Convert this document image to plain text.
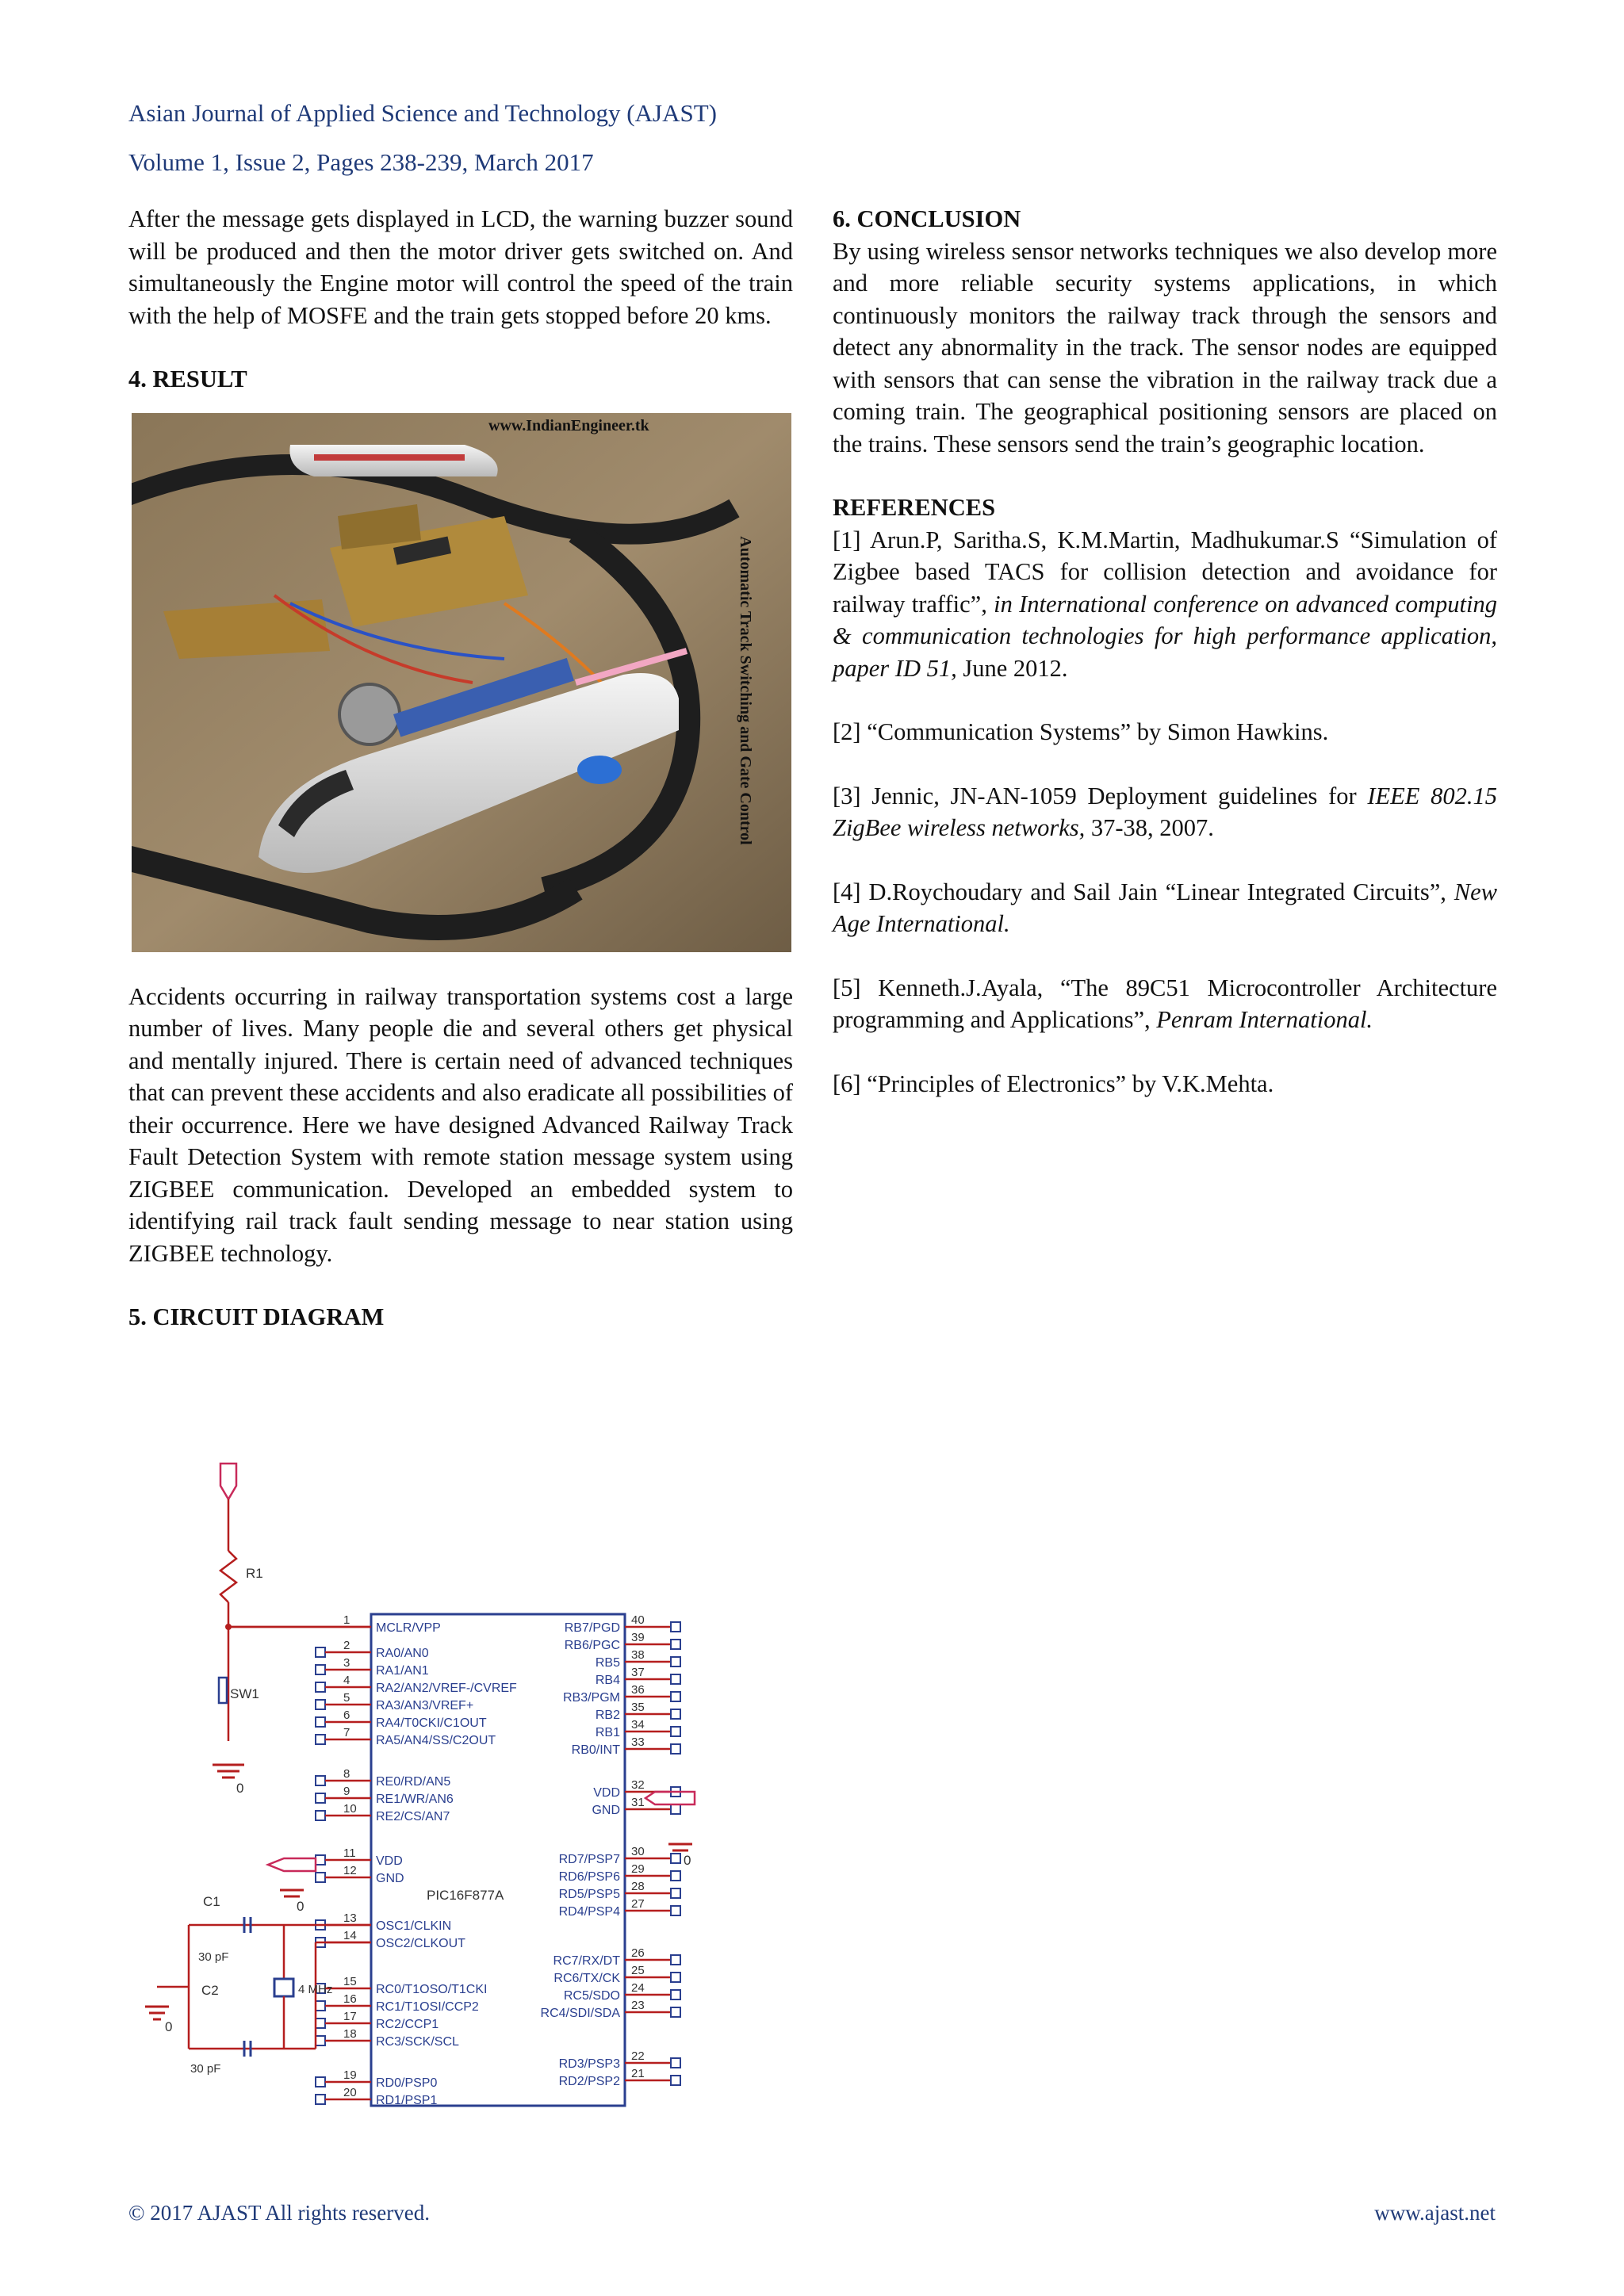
Asian Journal of Applied Science and Technology (AJAST)
Volume 1, Issue 2, Pages 238-239, March 2017

After the message gets displayed in LCD, the warning buzzer sound will be produced and then the motor driver gets switched on. And simultaneously the Engine motor will control the speed of the train with the help of MOSFE and the train gets stopped before 20 kms.

4. RESULT

www.IndianEngineer.tk
Automatic Track Switching and Gate Control

Accidents occurring in railway transportation systems cost a large number of lives. Many people die and several others get physical and mentally injured. There is certain need of advanced techniques that can prevent these accidents and also eradicate all possibilities of their occurrence. Here we have designed Advanced Railway Track Fault Detection System with remote station message system using ZIGBEE communication. Developed an embedded system to identifying rail track fault sending message to near station using ZIGBEE technology.

5. CIRCUIT DIAGRAM

R1
SW1
0
PIC16F877A
1
MCLR/VPP
2
RA0/AN0
3
RA1/AN1
4
RA2/AN2/VREF-/CVREF
5
RA3/AN3/VREF+
6
RA4/T0CKI/C1OUT
7
RA5/AN4/SS/C2OUT
8
RE0/RD/AN5
9
RE1/WR/AN6
10
RE2/CS/AN7
11
VDD
12
GND
13
OSC1/CLKIN
14
OSC2/CLKOUT
15
RC0/T1OSO/T1CKI
16
RC1/T1OSI/CCP2
17
RC2/CCP1
18
RC3/SCK/SCL
19
RD0/PSP0
20
RD1/PSP1
40
RB7/PGD
39
RB6/PGC
38
RB5
37
RB4
36
RB3/PGM
35
RB2
34
RB1
33
RB0/INT
32
VDD
31
GND
30
RD7/PSP7
29
RD6/PSP6
28
RD5/PSP5
27
RD4/PSP4
26
RC7/RX/DT
25
RC6/TX/CK
24
RC5/SDO
23
RC4/SDI/SDA
22
RD3/PSP3
21
RD2/PSP2
C1
30 pF
C2
30 pF
4 MHz
0
0
0

6. CONCLUSION

By using wireless sensor networks techniques we also develop more and more reliable security systems applications, in which continuously monitors the railway track through the sensors and detect any abnormality in the track. The sensor nodes are equipped with sensors that can sense the vibration in the railway track due a coming train. The geographical positioning sensors are placed on the trains. These sensors send the train’s geographic location.

REFERENCES

[1] Arun.P, Saritha.S, K.M.Martin, Madhukumar.S “Simulation of Zigbee based TACS for collision detection and avoidance for railway traffic”, in International conference on advanced computing & communication technologies for high performance application, paper ID 51, June 2012.

[2] “Communication Systems” by Simon Hawkins.

[3] Jennic, JN-AN-1059 Deployment guidelines for IEEE 802.15 ZigBee wireless networks, 37-38, 2007.

[4] D.Roychoudary and Sail Jain “Linear Integrated Circuits”, New Age International.

[5] Kenneth.J.Ayala, “The 89C51 Microcontroller Architecture programming and Applications”, Penram International.

[6] “Principles of Electronics” by V.K.Mehta.

© 2017 AJAST All rights reserved.	www.ajast.net
